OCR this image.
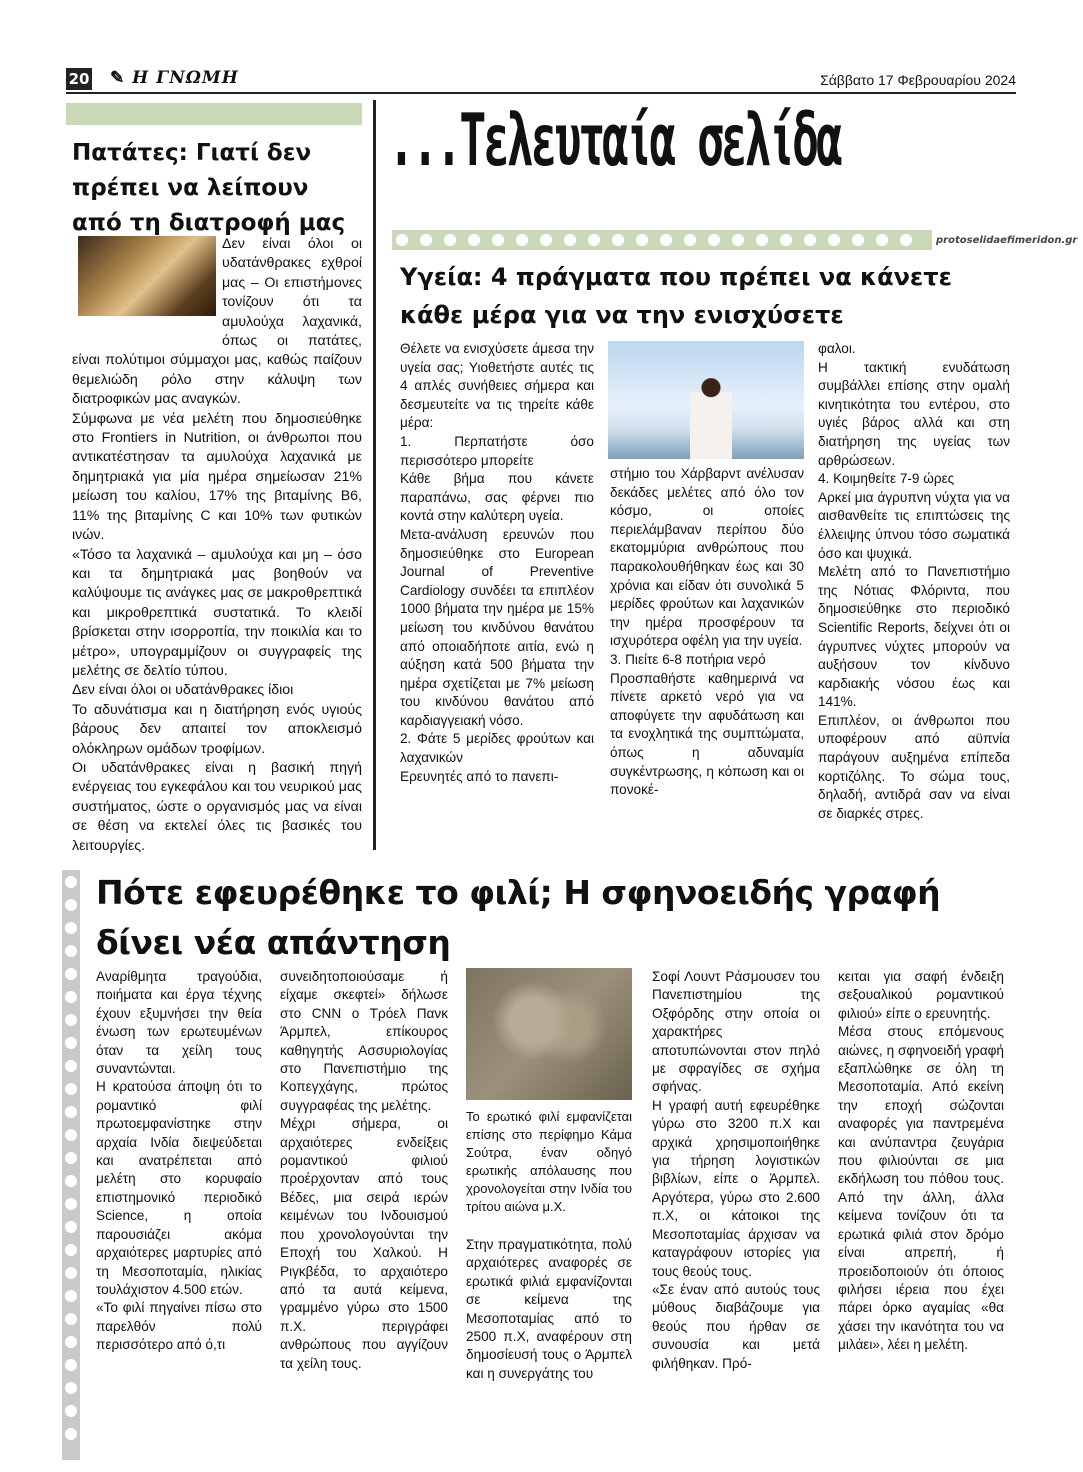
20 ✎ Η ΓΝΩΜΗ	Σάββατο 17 Φεβρουαρίου 2024
Πατάτες: Γιατί δεν πρέπει να λείπουν από τη διατροφή μας

Δεν είναι όλοι οι υδατάνθρακες εχθροί μας – Οι επιστήμονες τονίζουν ότι τα αμυλούχα λαχανικά, όπως οι πατάτες, είναι πολύτιμοι σύμμαχοι μας, καθώς παίζουν θεμελιώδη ρόλο στην κάλυψη των διατροφικών μας αναγκών.

Σύμφωνα με νέα μελέτη που δημοσιεύθηκε στο Frontiers in Nutrition, οι άνθρωποι που αντικατέστησαν τα αμυλούχα λαχανικά με δημητριακά για μία ημέρα σημείωσαν 21% μείωση του καλίου, 17% της βιταμίνης Β6, 11% της βιταμίνης C και 10% των φυτικών ινών.

«Τόσο τα λαχανικά – αμυλούχα και μη – όσο και τα δημητριακά μας βοηθούν να καλύψουμε τις ανάγκες μας σε μακροθρεπτικά και μικροθρεπτικά συστατικά. Το κλειδί βρίσκεται στην ισορροπία, την ποικιλία και το μέτρο», υπογραμμίζουν οι συγγραφείς της μελέτης σε δελτίο τύπου.

Δεν είναι όλοι οι υδατάνθρακες ίδιοι

Το αδυνάτισμα και η διατήρηση ενός υγιούς βάρους δεν απαιτεί τον αποκλεισμό ολόκληρων ομάδων τροφίμων.

Οι υδατάνθρακες είναι η βασική πηγή ενέργειας του εγκεφάλου και του νευρικού μας συστήματος, ώστε ο οργανισμός μας να είναι σε θέση να εκτελεί όλες τις βασικές του λειτουργίες.

...Τελευταία σελίδα
protoselidaefimeridon.gr
Υγεία: 4 πράγματα που πρέπει να κάνετε κάθε μέρα για να την ενισχύσετε

Θέλετε να ενισχύσετε άμεσα την υγεία σας; Υιοθετήστε αυτές τις 4 απλές συνήθειες σήμερα και δεσμευτείτε να τις τηρείτε κάθε μέρα:

1. Περπατήστε όσο περισσότερο μπορείτε

Κάθε βήμα που κάνετε παραπάνω, σας φέρνει πιο κοντά στην καλύτερη υγεία.

Μετα-ανάλυση ερευνών που δημοσιεύθηκε στο European Journal of Preventive Cardiology συνδέει τα επιπλέον 1000 βήματα την ημέρα με 15% μείωση του κινδύνου θανάτου από οποιαδήποτε αιτία, ενώ η αύξηση κατά 500 βήματα την ημέρα σχετίζεται με 7% μείωση του κινδύνου θανάτου από καρδιαγγειακή νόσο.

2. Φάτε 5 μερίδες φρούτων και λαχανικών

Ερευνητές από το πανεπι-

στήμιο του Χάρβαρντ ανέλυσαν δεκάδες μελέτες από όλο τον κόσμο, οι οποίες περιελάμβαναν περίπου δύο εκατομμύρια ανθρώπους που παρακολουθήθηκαν έως και 30 χρόνια και είδαν ότι συνολικά 5 μερίδες φρούτων και λαχανικών την ημέρα προσφέρουν τα ισχυρότερα οφέλη για την υγεία.

3. Πιείτε 6-8 ποτήρια νερό

Προσπαθήστε καθημερινά να πίνετε αρκετό νερό για να αποφύγετε την αφυδάτωση και τα ενοχλητικά της συμπτώματα, όπως η αδυναμία συγκέντρωσης, η κόπωση και οι πονοκέ-

φαλοι.

Η τακτική ενυδάτωση συμβάλλει επίσης στην ομαλή κινητικότητα του εντέρου, στο υγιές βάρος αλλά και στη διατήρηση της υγείας των αρθρώσεων.

4. Κοιμηθείτε 7-9 ώρες

Αρκεί μια άγρυπνη νύχτα για να αισθανθείτε τις επιπτώσεις της έλλειψης ύπνου τόσο σωματικά όσο και ψυχικά.

Μελέτη από το Πανεπιστήμιο της Νότιας Φλόριντα, που δημοσιεύθηκε στο περιοδικό Scientific Reports, δείχνει ότι οι άγρυπνες νύχτες μπορούν να αυξήσουν τον κίνδυνο καρδιακής νόσου έως και 141%.

Επιπλέον, οι άνθρωποι που υποφέρουν από αϋπνία παράγουν αυξημένα επίπεδα κορτιζόλης. Το σώμα τους, δηλαδή, αντιδρά σαν να είναι σε διαρκές στρες.

Πότε εφευρέθηκε το φιλί; Η σφηνοειδής γραφή δίνει νέα απάντηση

Αναρίθμητα τραγούδια, ποιήματα και έργα τέχνης έχουν εξυμνήσει την θεία ένωση των ερωτευμένων όταν τα χείλη τους συναντώνται.

Η κρατούσα άποψη ότι το ρομαντικό φιλί πρωτοεμφανίστηκε στην αρχαία Ινδία διεψεύδεται και ανατρέπεται από μελέτη στο κορυφαίο επιστημονικό περιοδικό Science, η οποία παρουσιάζει ακόμα αρχαιότερες μαρτυρίες από τη Μεσοποταμία, ηλικίας τουλάχιστον 4.500 ετών.

«Το φιλί πηγαίνει πίσω στο παρελθόν πολύ περισσότερο από ό,τι

συνειδητοποιούσαμε ή είχαμε σκεφτεί» δήλωσε στο CNN ο Τρόελ Πανκ Άρμπελ, επίκουρος καθηγητής Ασσυριολογίας στο Πανεπιστήμιο της Κοπεγχάγης, πρώτος συγγραφέας της μελέτης.

Μέχρι σήμερα, οι αρχαιότερες ενδείξεις ρομαντικού φιλιού προέρχονταν από τους Βέδες, μια σειρά ιερών κειμένων του Ινδουισμού που χρονολογούνται την Εποχή του Χαλκού. Η Ριγκβέδα, το αρχαιότερο από τα αυτά κείμενα, γραμμένο γύρω στο 1500 π.Χ. περιγράφει ανθρώπους που αγγίζουν τα χείλη τους.

Το ερωτικό φιλί εμφανίζεται επίσης στο περίφημο Κάμα Σούτρα, έναν οδηγό ερωτικής απόλαυσης που χρονολογείται στην Ινδία του τρίτου αιώνα μ.Χ.

Στην πραγματικότητα, πολύ αρχαιότερες αναφορές σε ερωτικά φιλιά εμφανίζονται σε κείμενα της Μεσοποταμίας από το 2500 π.Χ, αναφέρουν στη δημοσίευσή τους ο Άρμπελ και η συνεργάτης του

Σοφί Λουντ Ράσμουσεν του Πανεπιστημίου της Οξφόρδης στην οποία οι χαρακτήρες αποτυπώνονται στον πηλό με σφραγίδες σε σχήμα σφήνας.

Η γραφή αυτή εφευρέθηκε γύρω στο 3200 π.Χ και αρχικά χρησιμοποιήθηκε για τήρηση λογιστικών βιβλίων, είπε ο Άρμπελ. Αργότερα, γύρω στο 2.600 π.Χ, οι κάτοικοι της Μεσοποταμίας άρχισαν να καταγράφουν ιστορίες για τους θεούς τους.

«Σε έναν από αυτούς τους μύθους διαβάζουμε για θεούς που ήρθαν σε συνουσία και μετά φιλήθηκαν. Πρό-

κειται για σαφή ένδειξη σεξουαλικού ρομαντικού φιλιού» είπε ο ερευνητής.

Μέσα στους επόμενους αιώνες, η σφηνοειδή γραφή εξαπλώθηκε σε όλη τη Μεσοποταμία. Από εκείνη την εποχή σώζονται αναφορές για παντρεμένα και ανύπαντρα ζευγάρια που φιλιούνται σε μια εκδήλωση του πόθου τους. Από την άλλη, άλλα κείμενα τονίζουν ότι τα ερωτικά φιλιά στον δρόμο είναι απρεπή, ή προειδοποιούν ότι όποιος φιλήσει ιέρεια που έχει πάρει όρκο αγαμίας «θα χάσει την ικανότητα του να μιλάει», λέει η μελέτη.
